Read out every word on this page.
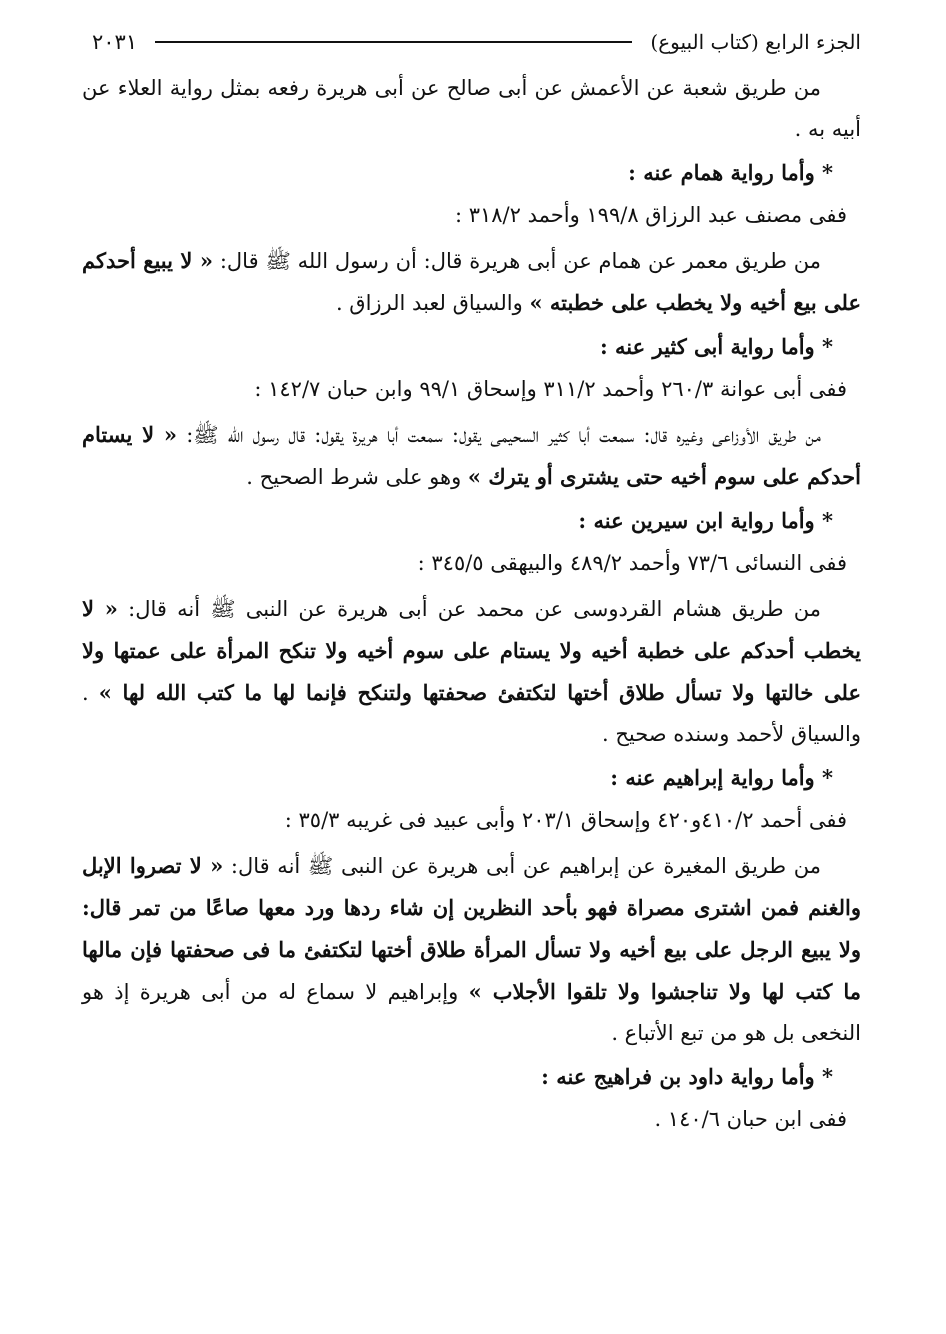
الجزء الرابع (كتاب البيوع)
٢٠٣١

من طريق شعبة عن الأعمش عن أبى صالح عن أبى هريرة رفعه بمثل رواية العلاء عن أبيه به .

* وأما رواية همام عنه :

ففى مصنف عبد الرزاق ١٩٩/٨ وأحمد ٣١٨/٢ :

من طريق معمر عن همام عن أبى هريرة قال: أن رسول الله ﷺ قال: « لا يبيع أحدكم على بيع أخيه ولا يخطب على خطبته » والسياق لعبد الرزاق .

* وأما رواية أبى كثير عنه :

ففى أبى عوانة ٢٦٠/٣ وأحمد ٣١١/٢ وإسحاق ٩٩/١ وابن حبان ١٤٢/٧ :

من طريق الأوزاعى وغيره قال: سمعت أبا كثير السحيمى يقول: سمعت أبا هريرة يقول: قال رسول الله ﷺ: « لا يستام أحدكم على سوم أخيه حتى يشترى أو يترك » وهو على شرط الصحيح .

* وأما رواية ابن سيرين عنه :

ففى النسائى ٧٣/٦ وأحمد ٤٨٩/٢ والبيهقى ٣٤٥/٥ :

من طريق هشام القردوسى عن محمد عن أبى هريرة عن النبى ﷺ أنه قال: « لا يخطب أحدكم على خطبة أخيه ولا يستام على سوم أخيه ولا تنكح المرأة على عمتها ولا على خالتها ولا تسأل طلاق أختها لتكتفئ صحفتها ولتنكح فإنما لها ما كتب الله لها » . والسياق لأحمد وسنده صحيح .

* وأما رواية إبراهيم عنه :

ففى أحمد ٤١٠/٢و٤٢٠ وإسحاق ٢٠٣/١ وأبى عبيد فى غريبه ٣٥/٣ :

من طريق المغيرة عن إبراهيم عن أبى هريرة عن النبى ﷺ أنه قال: « لا تصروا الإبل والغنم فمن اشترى مصراة فهو بأحد النظرين إن شاء ردها ورد معها صاعًا من تمر قال: ولا يبيع الرجل على بيع أخيه ولا تسأل المرأة طلاق أختها لتكتفئ ما فى صحفتها فإن مالها ما كتب لها ولا تناجشوا ولا تلقوا الأجلاب » وإبراهيم لا سماع له من أبى هريرة إذ هو النخعى بل هو من تبع الأتباع .

* وأما رواية داود بن فراهيج عنه :

ففى ابن حبان ١٤٠/٦ .
